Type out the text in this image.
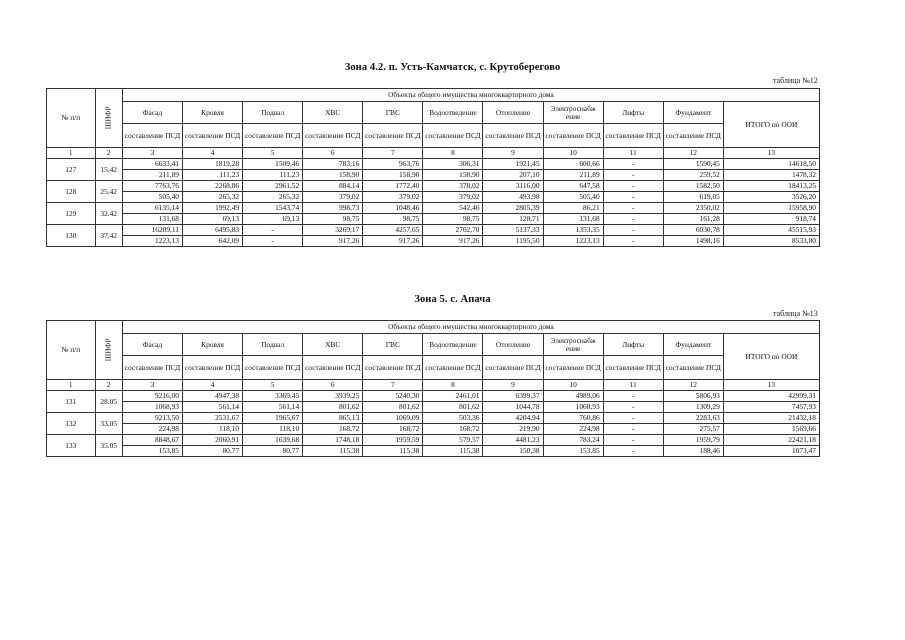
Зона 4.2. п. Усть-Камчатск, с. Крутоберегово
таблица №12
№ п/п	ШИФР	Объекты общего имущества многоквартирного дома										
		Фасад	Кровля	Подвал	ХВС	ГВС	Водоотведение	Отопление	Электроснабж ение	Лифты	Фундамент	ИТОГО по ООИ
		составление ПСД	составление ПСД	составление ПСД	составление ПСД	составление ПСД	составление ПСД	составление ПСД	составление ПСД	составление ПСД	составление ПСД	
1	2	3	4	5	6	7	8	9	10	11	12	13
127	15.42	6633,41	1819,28	1509,46	783,16	963,76	306,31	1921,45	600,66	-	1590,45	14618,50
		211,89	111,23	111,23	158,90	158,90	158,90	207,10	211,89	-	259,52	1478,32
128	25.42	7763,76	2268,86	2961,52	884,14	1772,40	378,02	3116,00	647,58	-	1582,50	18413,25
		505,40	265,32	265,32	379,02	379,02	379,02	493,98	505,40	-	619,05	3526,20
129	32.42	6135,14	1992,49	1543,74	998,73	1048,46	542,46	2805,39	86,21	-	2350,02	15958,90
		131,68	69,13	69,13	98,75	98,75	98,75	128,71	131,68	-	161,28	918,74
130	37.42	16209,11	6495,83	-	3269,17	4257,65	2762,70	5137,33	1353,35	-	6030,78	45515,93
		1223,13	642,09	-	917,26	917,26	917,26	1195,50	1223,13	-	1498,16	8533,80
Зона 5. с. Апача
таблица №13
№ п/п	ШИФР	Объекты общего имущества многоквартирного дома										
		Фасад	Кровля	Подвал	ХВС	ГВС	Водоотведение	Отопление	Электроснабж ение	Лифты	Фундамент	ИТОГО по ООИ
		составление ПСД	составление ПСД	составление ПСД	составление ПСД	составление ПСД	составление ПСД	составление ПСД	составление ПСД	составление ПСД	составление ПСД	
1	2	3	4	5	6	7	8	9	10	11	12	13
131	28.05	9216,00	4947,38	3369,45	3939,25	5240,30	2461,01	6399,37	4989,06	-	5806,93	42999,31
		1068,93	561,14	561,14	801,62	801,62	801,62	1044,78	1068,93	-	1309,29	7457,93
132	33.05	9213,50	2531,67	1965,67	865,13	1069,09	503,36	4204,94	760,86	-	2283,63	21432,18
		224,98	118,10	118,10	168,72	168,72	168,72	219,90	224,98	-	275,57	1569,66
133	35.05	8848,67	2060,91	1639,68	1748,18	1959,59	579,57	4481,23	783,24	-	1959,79	22421,18
		153,85	80,77	80,77	115,38	115,38	115,38	150,38	153,85	-	188,46	1073,47
